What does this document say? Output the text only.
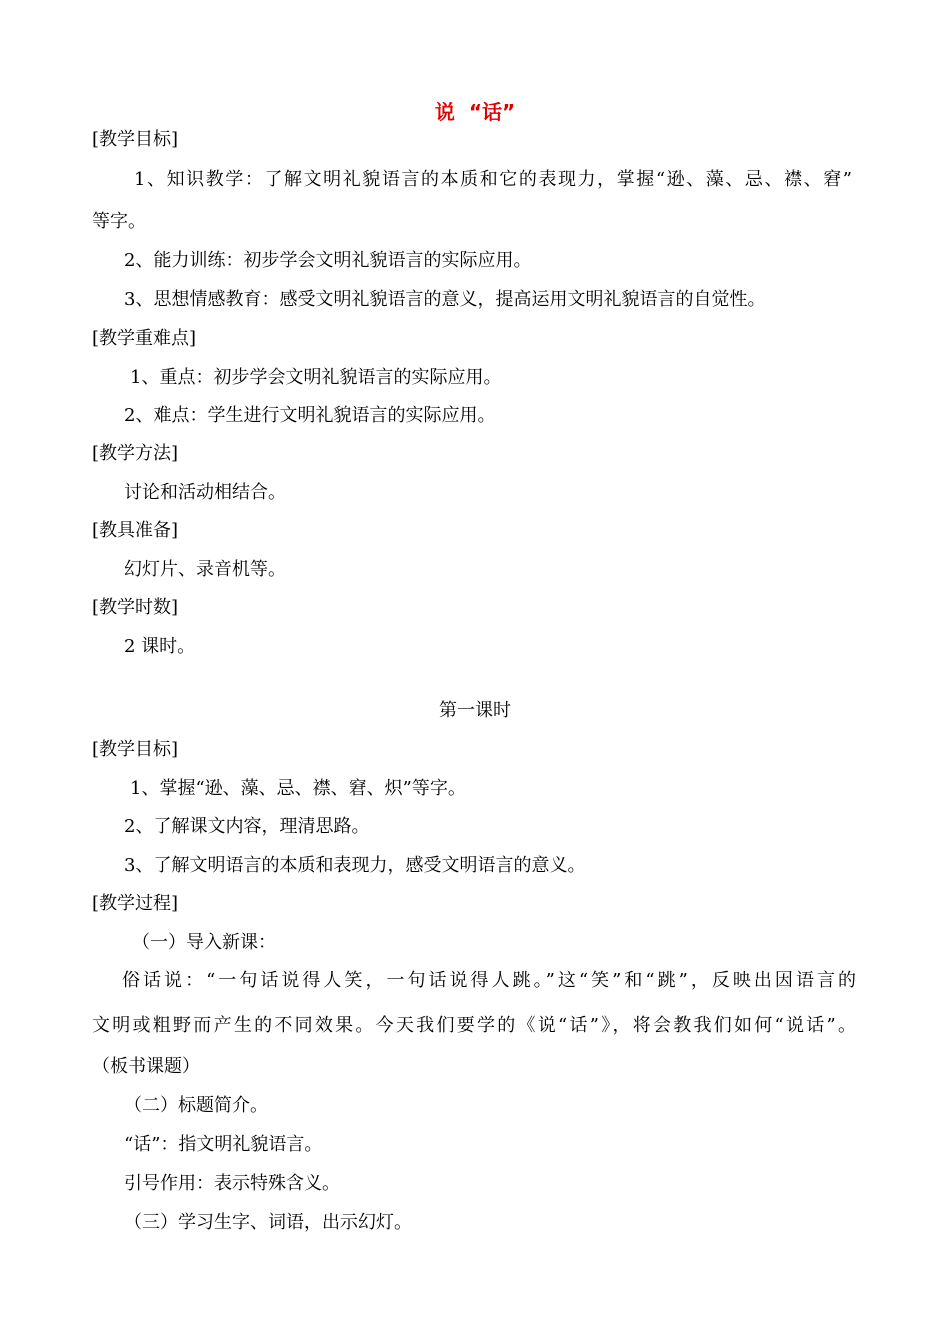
说  “话”
[教学目标]
1、知识教学：了解文明礼貌语言的本质和它的表现力，掌握“逊、藻、忌、襟、窘”
等字。
2、能力训练：初步学会文明礼貌语言的实际应用。
3、思想情感教育：感受文明礼貌语言的意义，提高运用文明礼貌语言的自觉性。
[教学重难点]
1、重点：初步学会文明礼貌语言的实际应用。
2、难点：学生进行文明礼貌语言的实际应用。
[教学方法]
讨论和活动相结合。
[教具准备]
幻灯片、录音机等。
[教学时数]
2 课时。
第一课时
[教学目标]
1、掌握“逊、藻、忌、襟、窘、炽”等字。
2、了解课文内容，理清思路。
3、了解文明语言的本质和表现力，感受文明语言的意义。
[教学过程]
（一）导入新课：
俗话说：“一句话说得人笑，一句话说得人跳。”这“笑”和“跳”，反映出因语言的
文明或粗野而产生的不同效果。今天我们要学的《说“话”》，将会教我们如何“说话”。
（板书课题）
（二）标题简介。
“话”：指文明礼貌语言。
引号作用：表示特殊含义。
（三）学习生字、词语，出示幻灯。
